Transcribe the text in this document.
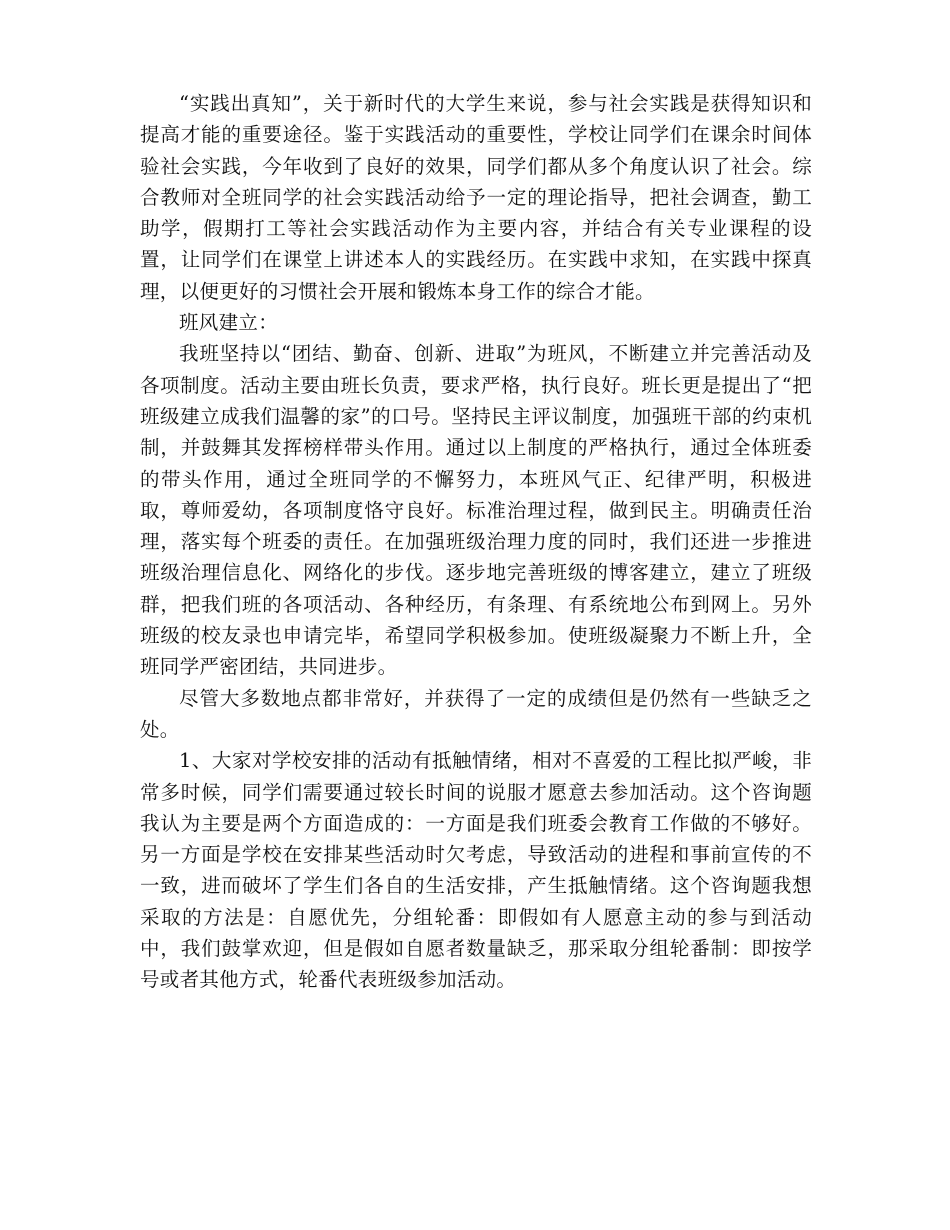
“实践出真知”，关于新时代的大学生来说，参与社会实践是获得知识和提高才能的重要途径。鉴于实践活动的重要性，学校让同学们在课余时间体验社会实践，今年收到了良好的效果，同学们都从多个角度认识了社会。综合教师对全班同学的社会实践活动给予一定的理论指导，把社会调查，勤工助学，假期打工等社会实践活动作为主要内容，并结合有关专业课程的设置，让同学们在课堂上讲述本人的实践经历。在实践中求知，在实践中探真理，以便更好的习惯社会开展和锻炼本身工作的综合才能。

班风建立：

我班坚持以“团结、勤奋、创新、进取”为班风，不断建立并完善活动及各项制度。活动主要由班长负责，要求严格，执行良好。班长更是提出了“把班级建立成我们温馨的家”的口号。坚持民主评议制度，加强班干部的约束机制，并鼓舞其发挥榜样带头作用。通过以上制度的严格执行，通过全体班委的带头作用，通过全班同学的不懈努力，本班风气正、纪律严明，积极进取，尊师爱幼，各项制度恪守良好。标准治理过程，做到民主。明确责任治理，落实每个班委的责任。在加强班级治理力度的同时，我们还进一步推进班级治理信息化、网络化的步伐。逐步地完善班级的博客建立，建立了班级群，把我们班的各项活动、各种经历，有条理、有系统地公布到网上。另外班级的校友录也申请完毕，希望同学积极参加。使班级凝聚力不断上升，全班同学严密团结，共同进步。

尽管大多数地点都非常好，并获得了一定的成绩但是仍然有一些缺乏之处。

1、大家对学校安排的活动有抵触情绪，相对不喜爱的工程比拟严峻，非常多时候，同学们需要通过较长时间的说服才愿意去参加活动。这个咨询题我认为主要是两个方面造成的：一方面是我们班委会教育工作做的不够好。另一方面是学校在安排某些活动时欠考虑，导致活动的进程和事前宣传的不一致，进而破坏了学生们各自的生活安排，产生抵触情绪。这个咨询题我想采取的方法是：自愿优先，分组轮番：即假如有人愿意主动的参与到活动中，我们鼓掌欢迎，但是假如自愿者数量缺乏，那采取分组轮番制：即按学号或者其他方式，轮番代表班级参加活动。
